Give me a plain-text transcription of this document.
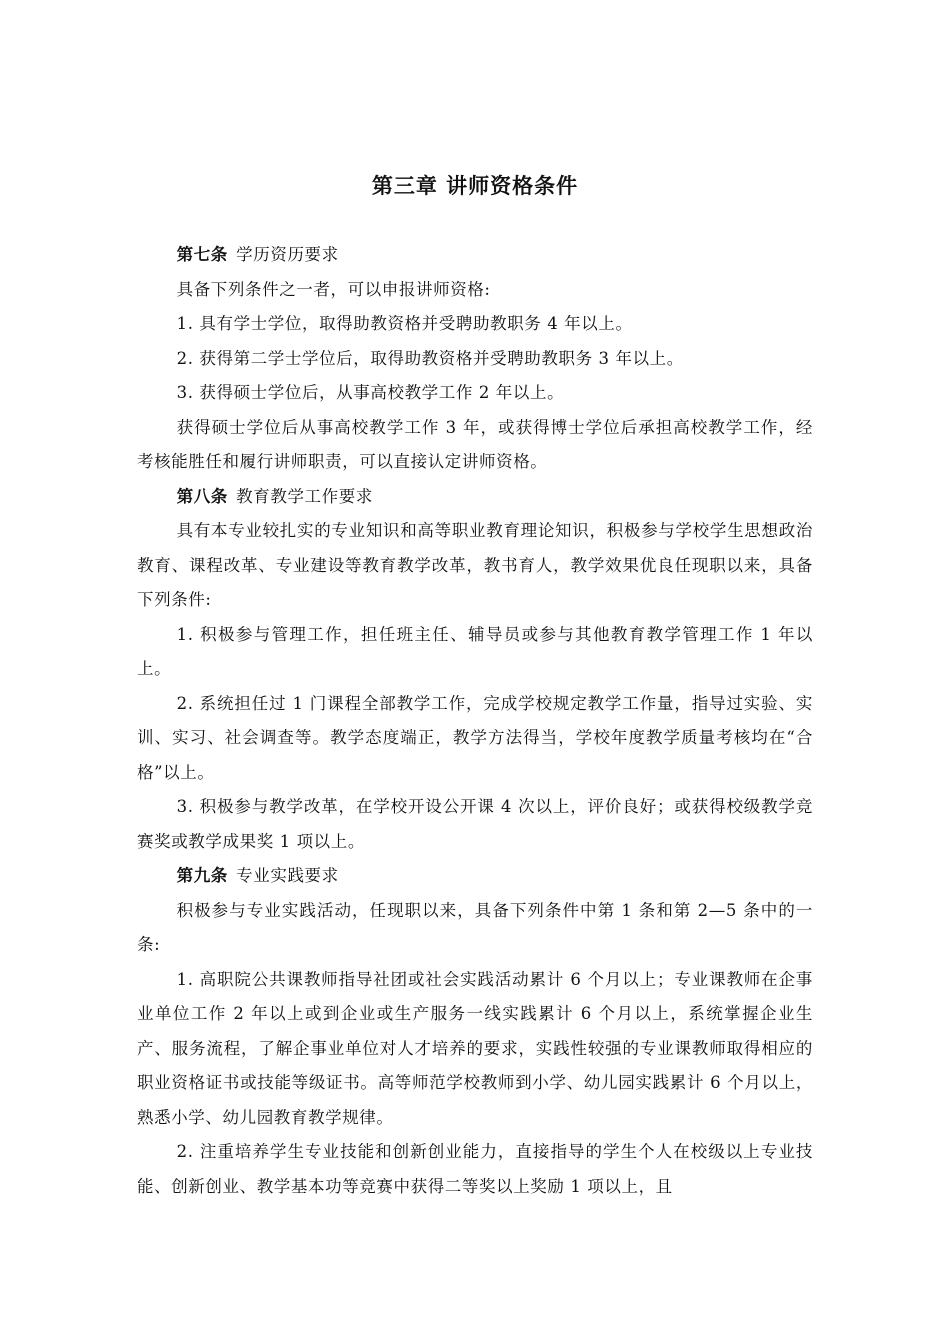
第三章 讲师资格条件

第七条 学历资历要求

具备下列条件之一者，可以申报讲师资格:

1. 具有学士学位，取得助教资格并受聘助教职务 4 年以上。

2. 获得第二学士学位后，取得助教资格并受聘助教职务 3 年以上。

3. 获得硕士学位后，从事高校教学工作 2 年以上。

获得硕士学位后从事高校教学工作 3 年，或获得博士学位后承担高校教学工作，经考核能胜任和履行讲师职责，可以直接认定讲师资格。

第八条 教育教学工作要求

具有本专业较扎实的专业知识和高等职业教育理论知识，积极参与学校学生思想政治教育、课程改革、专业建设等教育教学改革，教书育人，教学效果优良任现职以来，具备下列条件:

1. 积极参与管理工作，担任班主任、辅导员或参与其他教育教学管理工作 1 年以上。

2. 系统担任过 1 门课程全部教学工作，完成学校规定教学工作量，指导过实验、实训、实习、社会调查等。教学态度端正，教学方法得当，学校年度教学质量考核均在“合格”以上。

3. 积极参与教学改革，在学校开设公开课 4 次以上，评价良好；或获得校级教学竞赛奖或教学成果奖 1 项以上。

第九条 专业实践要求

积极参与专业实践活动，任现职以来，具备下列条件中第 1 条和第 2—5 条中的一条:

1. 高职院公共课教师指导社团或社会实践活动累计 6 个月以上；专业课教师在企事业单位工作 2 年以上或到企业或生产服务一线实践累计 6 个月以上，系统掌握企业生产、服务流程，了解企事业单位对人才培养的要求，实践性较强的专业课教师取得相应的职业资格证书或技能等级证书。高等师范学校教师到小学、幼儿园实践累计 6 个月以上，熟悉小学、幼儿园教育教学规律。

2. 注重培养学生专业技能和创新创业能力，直接指导的学生个人在校级以上专业技能、创新创业、教学基本功等竞赛中获得二等奖以上奖励 1 项以上，且
